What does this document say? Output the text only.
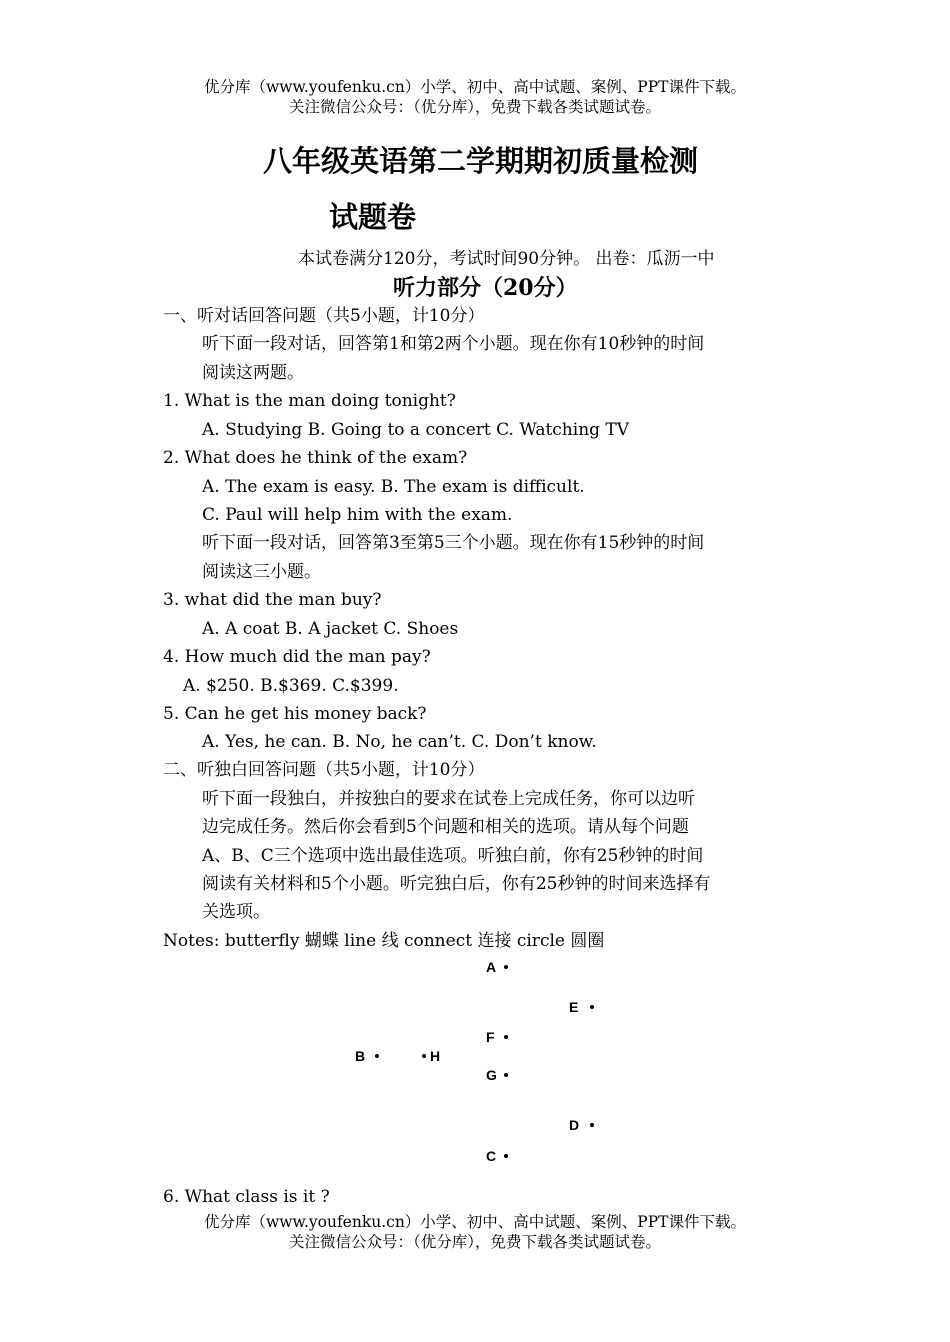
优分库（www.youfenku.cn）小学、初中、高中试题、案例、PPT课件下载。
关注微信公众号：（优分库），免费下载各类试题试卷。
八年级英语第二学期期初质量检测
试题卷
本试卷满分120分，考试时间90分钟。 出卷：瓜沥一中
听力部分（20分）
一、听对话回答问题（共5小题，计10分）
听下面一段对话，回答第1和第2两个小题。现在你有10秒钟的时间
阅读这两题。
1. What is the man doing tonight?
A. Studying B. Going to a concert C. Watching TV
2. What does he think of the exam?
A. The exam is easy. B. The exam is difficult.
C. Paul will help him with the exam.
听下面一段对话，回答第3至第5三个小题。现在你有15秒钟的时间
阅读这三小题。
3. what did the man buy?
A. A coat B. A jacket C. Shoes
4. How much did the man pay?
A. $250. B.$369. C.$399.
5. Can he get his money back?
A. Yes, he can. B. No, he can’t. C. Don’t know.
二、听独白回答问题（共5小题，计10分）
听下面一段独白，并按独白的要求在试卷上完成任务，你可以边听
边完成任务。然后你会看到5个问题和相关的选项。请从每个问题
A、B、C三个选项中选出最佳选项。听独白前，你有25秒钟的时间
阅读有关材料和5个小题。听完独白后，你有25秒钟的时间来选择有
关选项。
Notes: butterfly 蝴蝶 line 线 connect 连接 circle 圆圈
A
E
F
B	H
G
D
C
6. What class is it ?
优分库（www.youfenku.cn）小学、初中、高中试题、案例、PPT课件下载。
关注微信公众号：（优分库），免费下载各类试题试卷。
